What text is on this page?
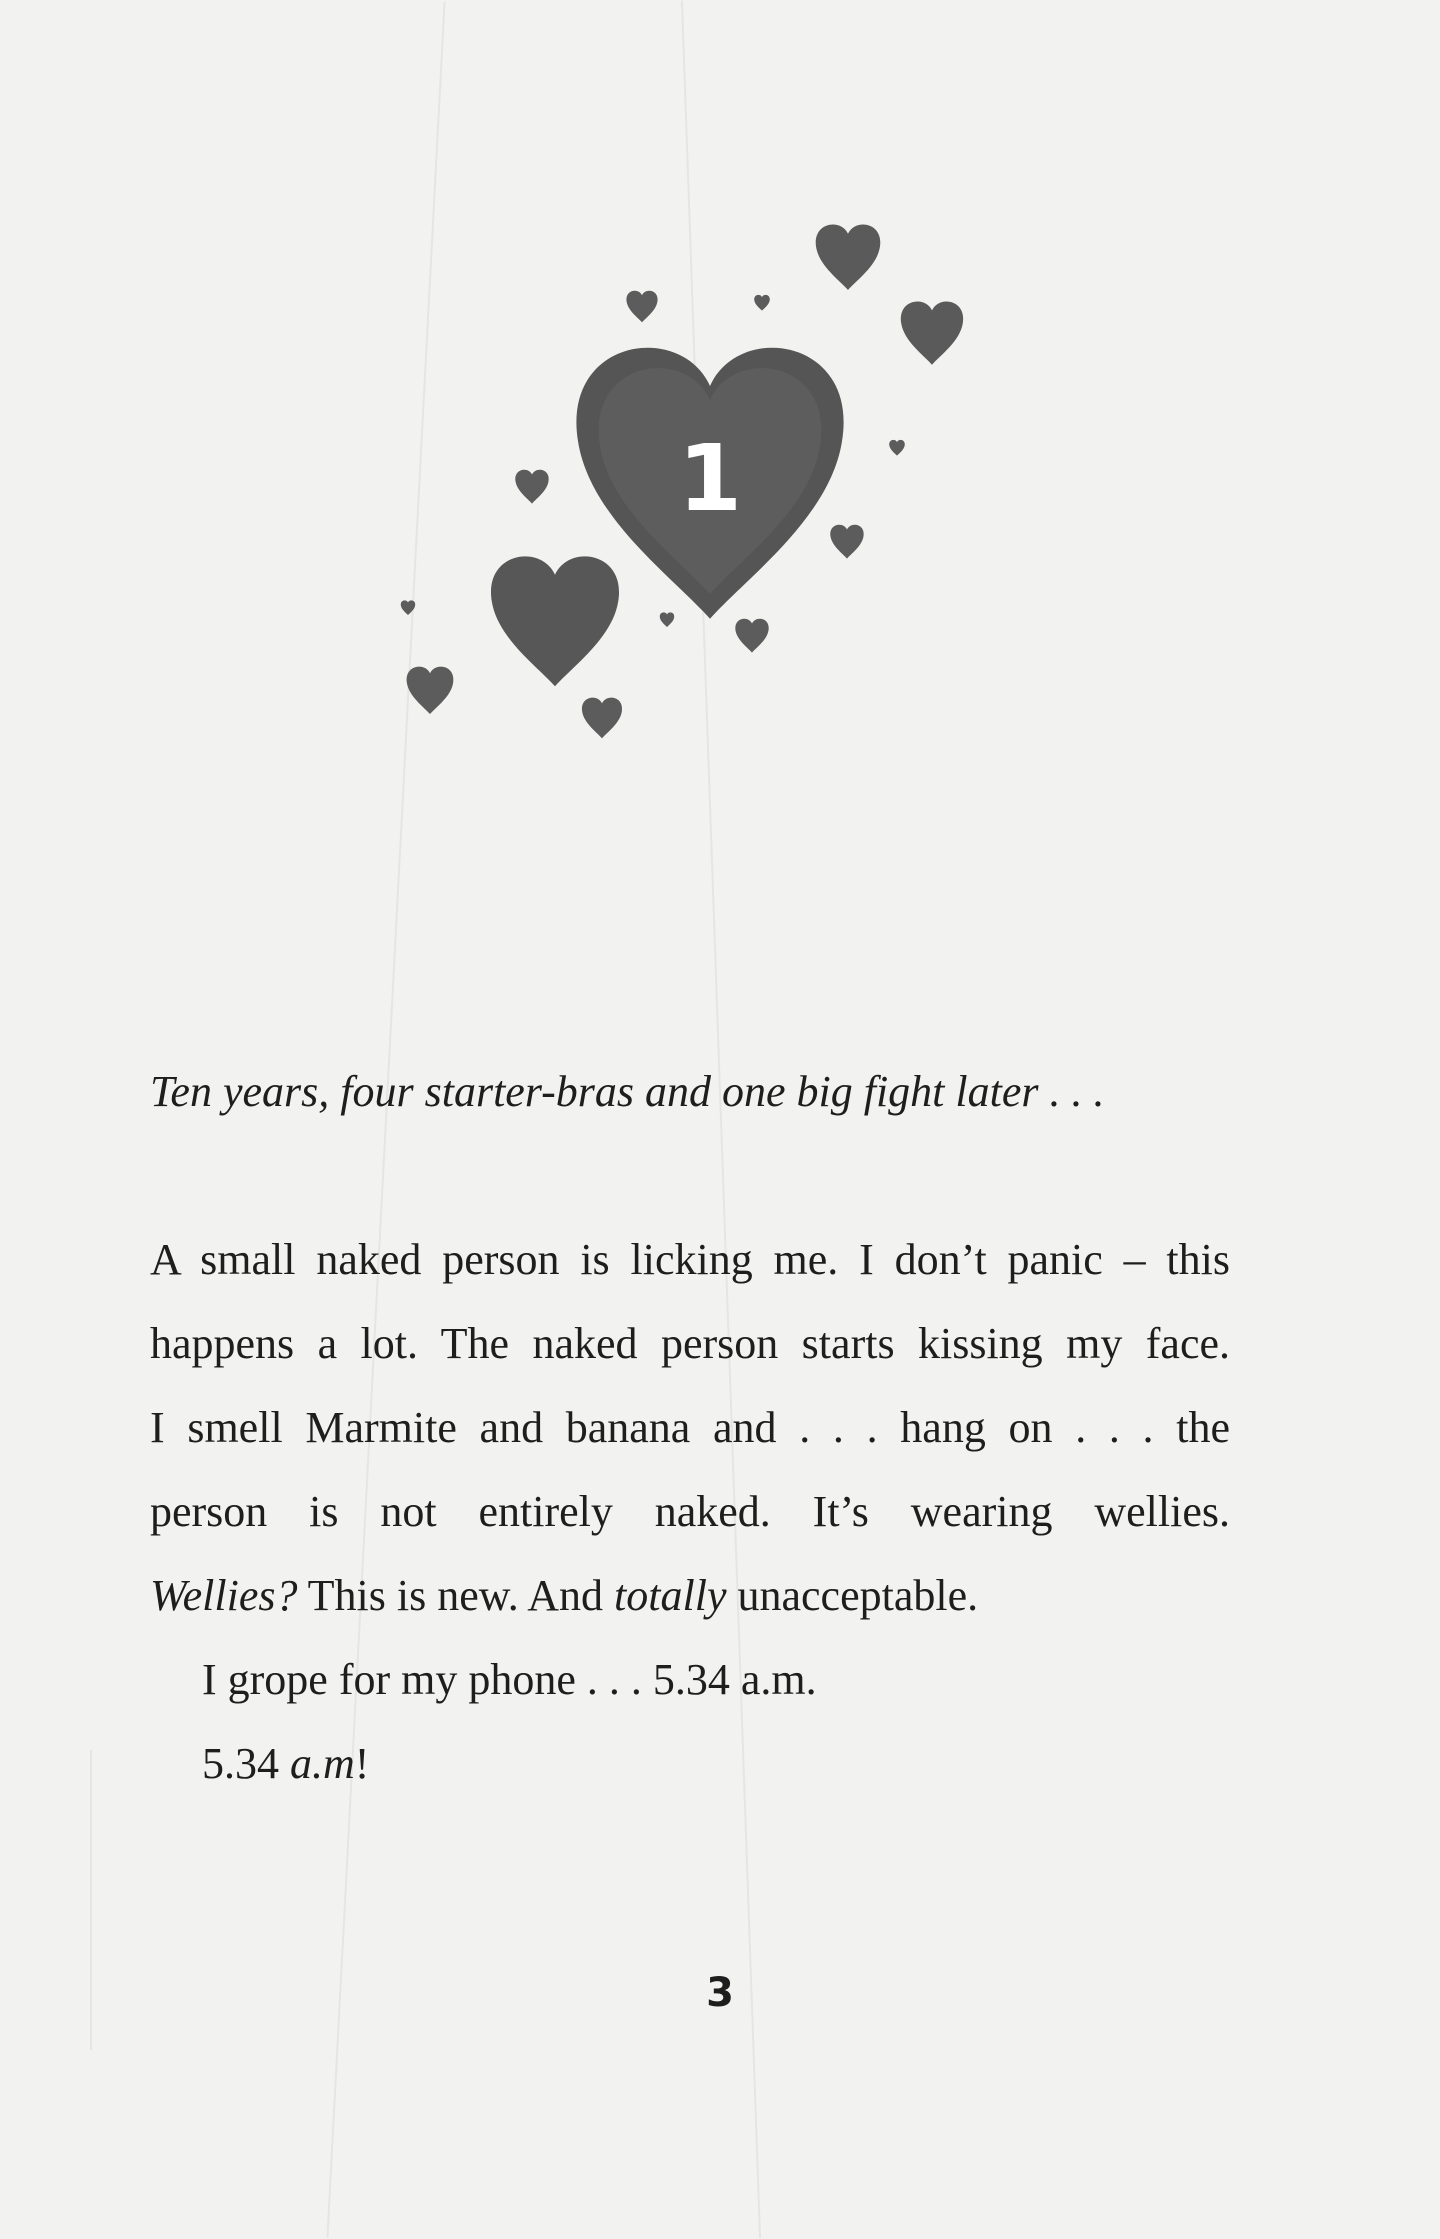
1

Ten years, four starter-bras and one big fight later . . .

A small naked person is licking me. I don’t panic – this
happens a lot. The naked person starts kissing my face.
I smell Marmite and banana and . . . hang on . . . the
person is not entirely naked. It’s wearing wellies.
Wellies? This is new. And totally unacceptable.

I grope for my phone . . . 5.34 a.m.

5.34 a.m!

3
